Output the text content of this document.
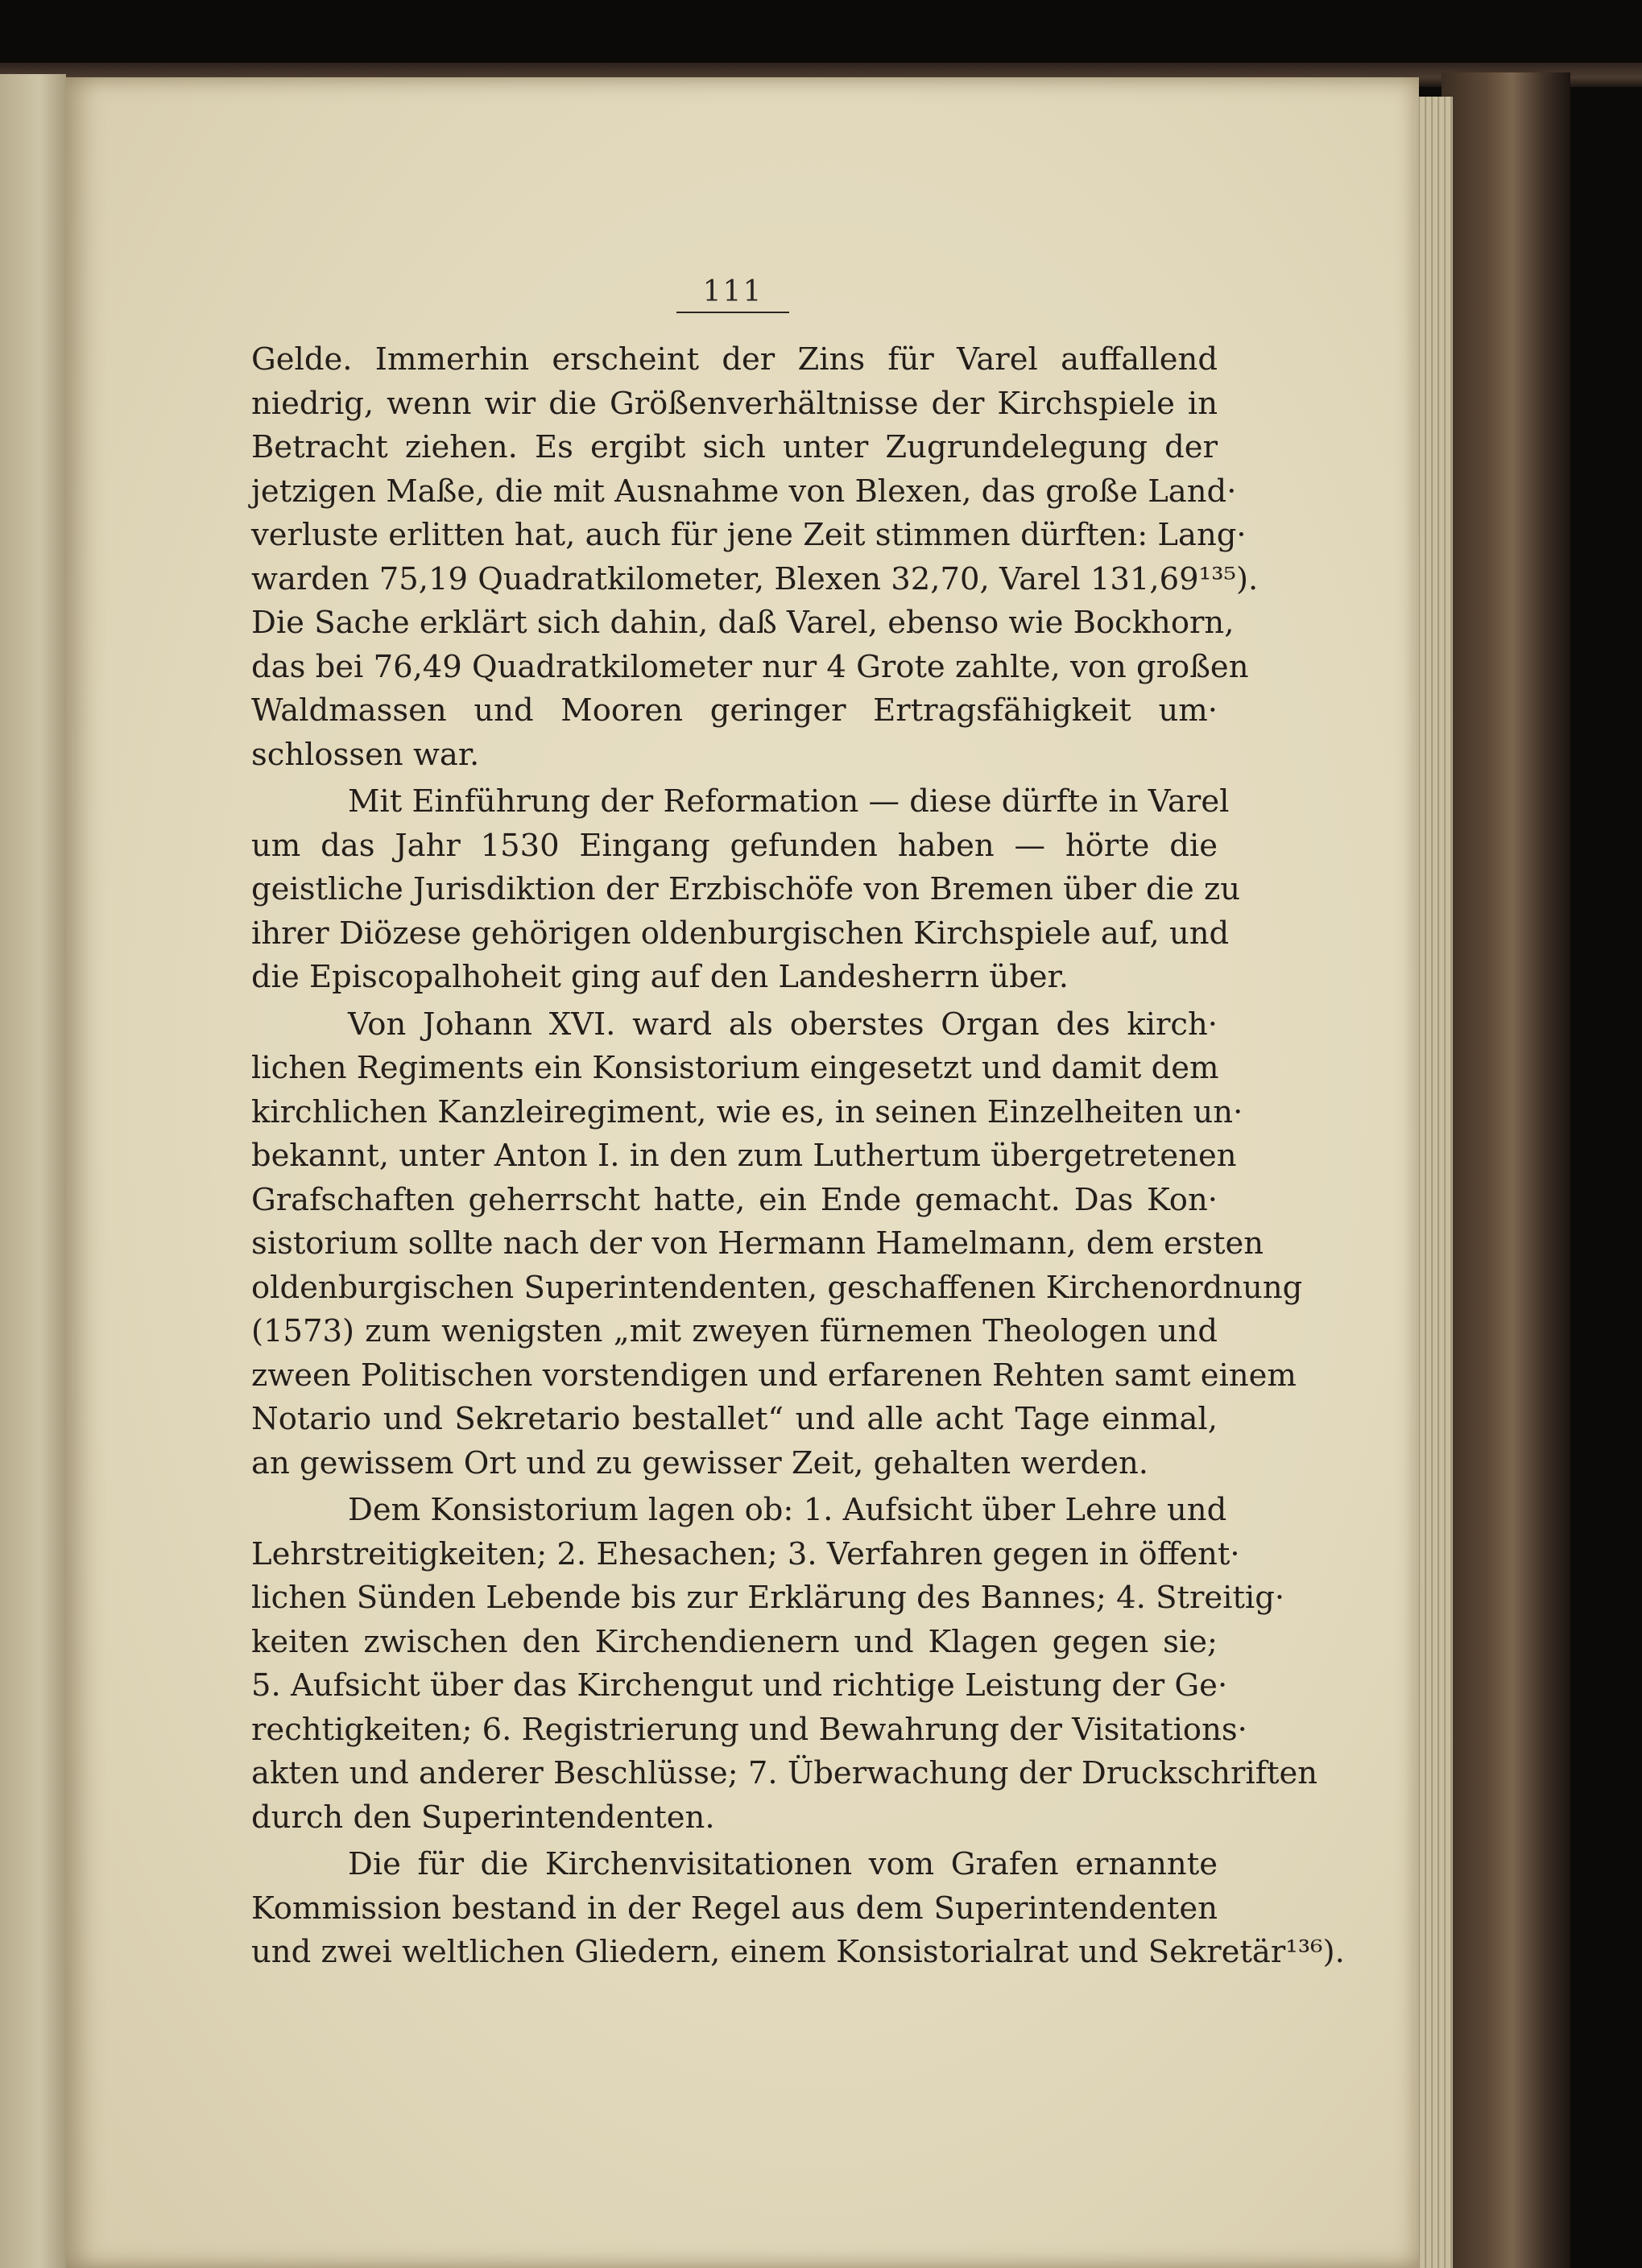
111
Gelde. Immerhin erscheint der Zins für Varel auffallend
niedrig, wenn wir die Größenverhältnisse der Kirchspiele in
Betracht ziehen. Es ergibt sich unter Zugrundelegung der
jetzigen Maße, die mit Ausnahme von Blexen, das große Land·
verluste erlitten hat, auch für jene Zeit stimmen dürften: Lang·
warden 75,19 Quadratkilometer, Blexen 32,70, Varel 131,69¹³⁵).
Die Sache erklärt sich dahin, daß Varel, ebenso wie Bockhorn,
das bei 76,49 Quadratkilometer nur 4 Grote zahlte, von großen
Waldmassen und Mooren geringer Ertragsfähigkeit um·
schlossen war.
Mit Einführung der Reformation — diese dürfte in Varel
um das Jahr 1530 Eingang gefunden haben — hörte die
geistliche Jurisdiktion der Erzbischöfe von Bremen über die zu
ihrer Diözese gehörigen oldenburgischen Kirchspiele auf, und
die Episcopalhoheit ging auf den Landesherrn über.
Von Johann XVI. ward als oberstes Organ des kirch·
lichen Regiments ein Konsistorium eingesetzt und damit dem
kirchlichen Kanzleiregiment, wie es, in seinen Einzelheiten un·
bekannt, unter Anton I. in den zum Luthertum übergetretenen
Grafschaften geherrscht hatte, ein Ende gemacht. Das Kon·
sistorium sollte nach der von Hermann Hamelmann, dem ersten
oldenburgischen Superintendenten, geschaffenen Kirchenordnung
(1573) zum wenigsten „mit zweyen fürnemen Theologen und
zween Politischen vorstendigen und erfarenen Rehten samt einem
Notario und Sekretario bestallet“ und alle acht Tage einmal,
an gewissem Ort und zu gewisser Zeit, gehalten werden.
Dem Konsistorium lagen ob: 1. Aufsicht über Lehre und
Lehrstreitigkeiten; 2. Ehesachen; 3. Verfahren gegen in öffent·
lichen Sünden Lebende bis zur Erklärung des Bannes; 4. Streitig·
keiten zwischen den Kirchendienern und Klagen gegen sie;
5. Aufsicht über das Kirchengut und richtige Leistung der Ge·
rechtigkeiten; 6. Registrierung und Bewahrung der Visitations·
akten und anderer Beschlüsse; 7. Überwachung der Druckschriften
durch den Superintendenten.
Die für die Kirchenvisitationen vom Grafen ernannte
Kommission bestand in der Regel aus dem Superintendenten
und zwei weltlichen Gliedern, einem Konsistorialrat und Sekretär¹³⁶).
